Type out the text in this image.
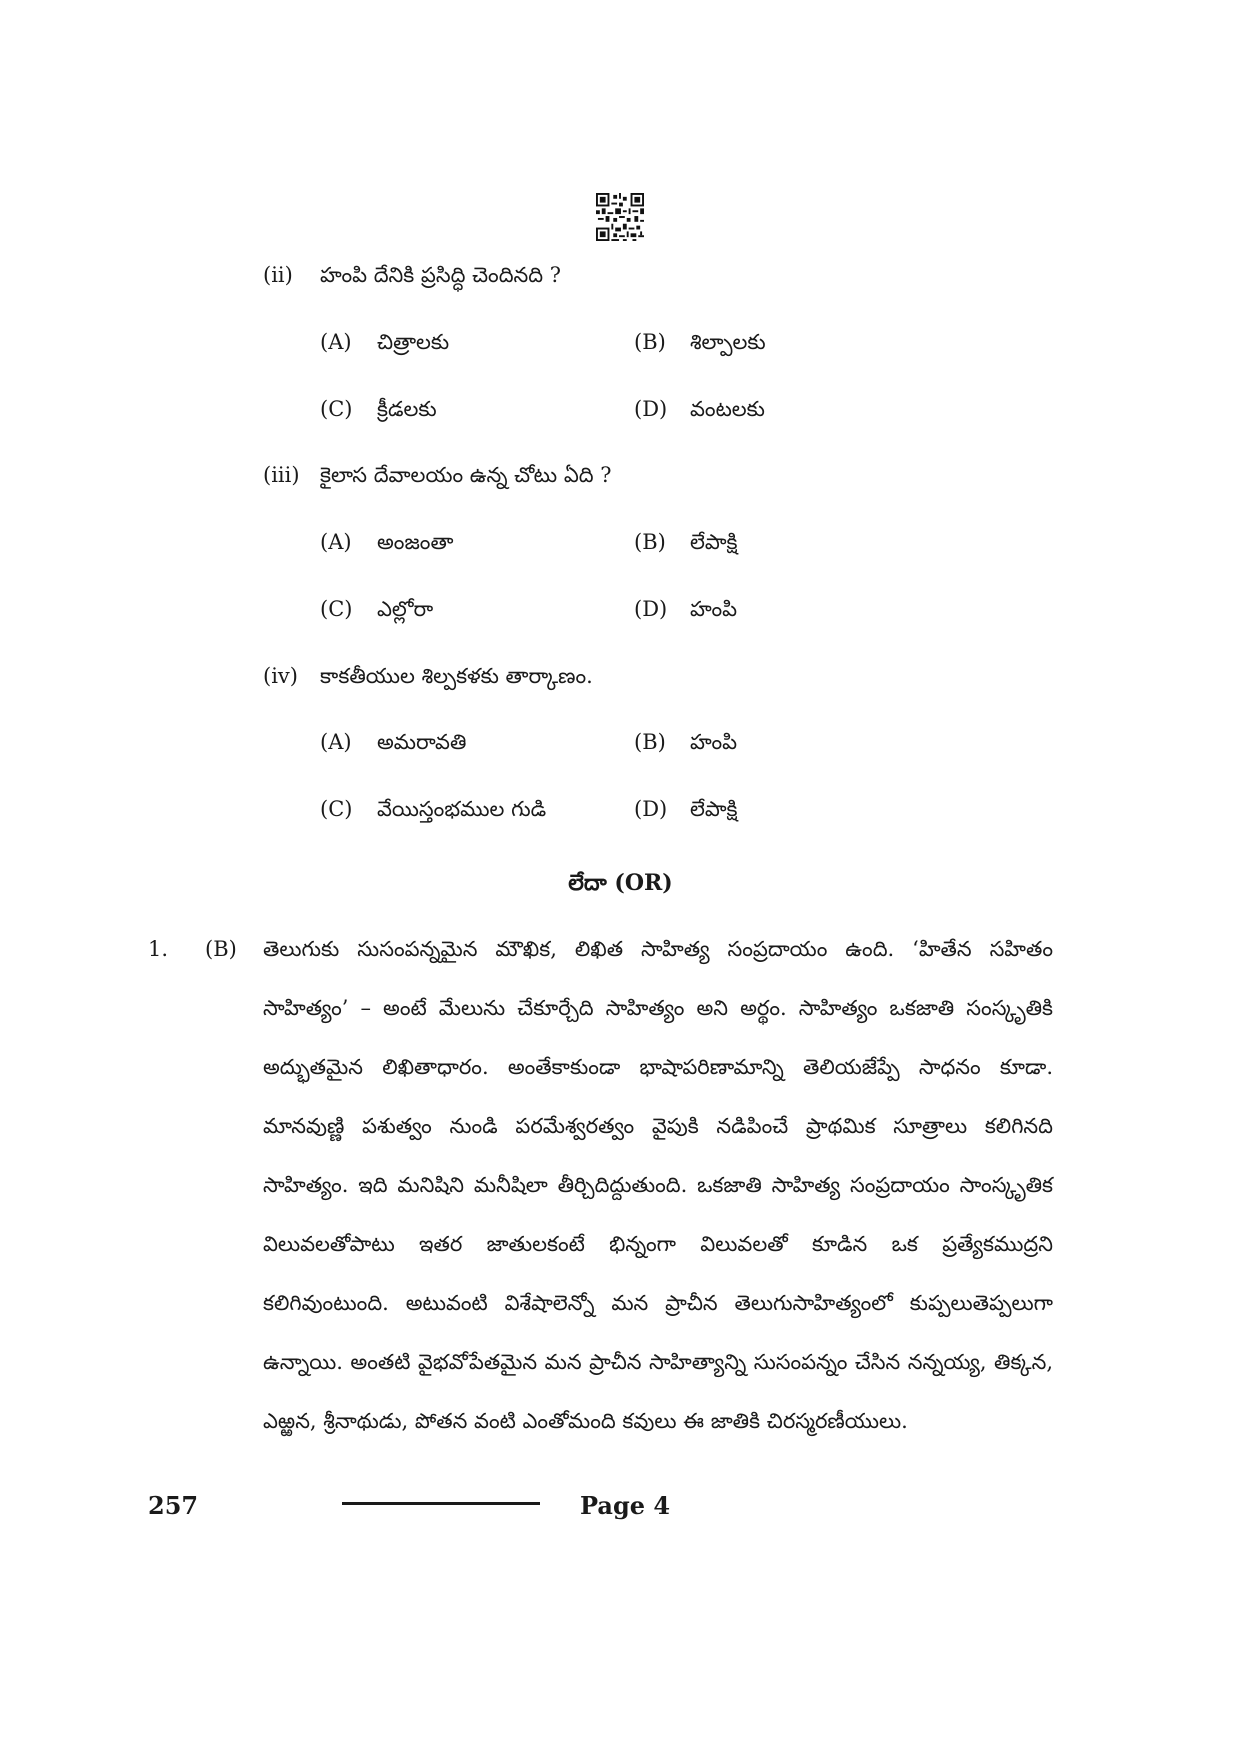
(ii) హంపి దేనికి ప్రసిద్ధి చెందినది ?
(A) చిత్రాలకు	(B) శిల్పాలకు
(C) క్రీడలకు	(D) వంటలకు
(iii) కైలాస దేవాలయం ఉన్న చోటు ఏది ?
(A) అంజంతా	(B) లేపాక్షి
(C) ఎల్లోరా	(D) హంపి
(iv) కాకతీయుల శిల్పకళకు తార్కాణం.
(A) అమరావతి	(B) హంపి
(C) వేయిస్తంభముల గుడి	(D) లేపాక్షి
లేదా (OR)
1. (B) తెలుగుకు సుసంపన్నమైన మౌఖిక, లిఖిత సాహిత్య సంప్రదాయం ఉంది. ‘హితేన సహితం
సాహిత్యం’ – అంటే మేలును చేకూర్చేది సాహిత్యం అని అర్థం. సాహిత్యం ఒకజాతి సంస్కృతికి
అద్భుతమైన లిఖితాధారం. అంతేకాకుండా భాషాపరిణామాన్ని తెలియజేప్పే సాధనం కూడా.
మానవుణ్ణి పశుత్వం నుండి పరమేశ్వరత్వం వైపుకి నడిపించే ప్రాథమిక సూత్రాలు కలిగినది
సాహిత్యం. ఇది మనిషిని మనీషిలా తీర్చిదిద్దుతుంది. ఒకజాతి సాహిత్య సంప్రదాయం సాంస్కృతిక
విలువలతోపాటు ఇతర జాతులకంటే భిన్నంగా విలువలతో కూడిన ఒక ప్రత్యేకముద్రని
కలిగివుంటుంది. అటువంటి విశేషాలెన్నో మన ప్రాచీన తెలుగుసాహిత్యంలో కుప్పలుతెప్పలుగా
ఉన్నాయి. అంతటి వైభవోపేతమైన మన ప్రాచీన సాహిత్యాన్ని సుసంపన్నం చేసిన నన్నయ్య, తిక్కన,
ఎఱ్ఱన, శ్రీనాథుడు, పోతన వంటి ఎంతోమంది కవులు ఈ జాతికి చిరస్మరణీయులు.
257	Page 4
